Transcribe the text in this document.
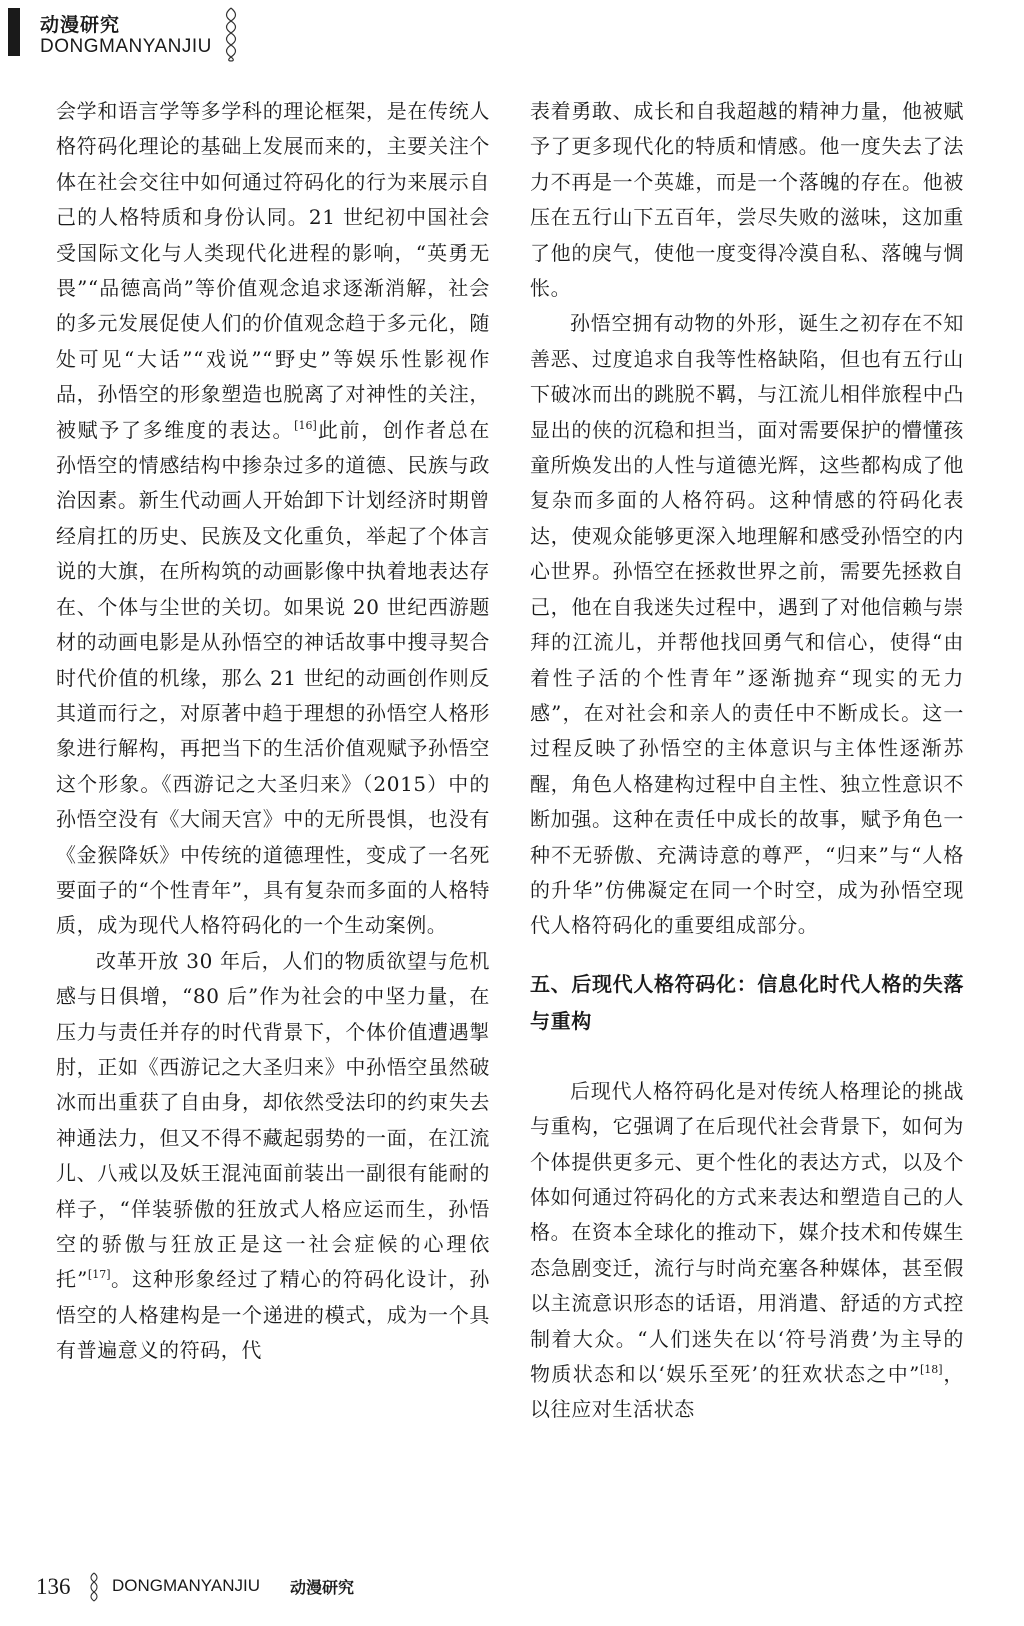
动漫研究
DONGMANYANJIU

会学和语言学等多学科的理论框架，是在传统人格符码化理论的基础上发展而来的，主要关注个体在社会交往中如何通过符码化的行为来展示自己的人格特质和身份认同。21 世纪初中国社会受国际文化与人类现代化进程的影响，“英勇无畏”“品德高尚”等价值观念追求逐渐消解，社会的多元发展促使人们的价值观念趋于多元化，随处可见“大话”“戏说”“野史”等娱乐性影视作品，孙悟空的形象塑造也脱离了对神性的关注，被赋予了多维度的表达。[16]此前，创作者总在孙悟空的情感结构中掺杂过多的道德、民族与政治因素。新生代动画人开始卸下计划经济时期曾经肩扛的历史、民族及文化重负，举起了个体言说的大旗，在所构筑的动画影像中执着地表达存在、个体与尘世的关切。如果说 20 世纪西游题材的动画电影是从孙悟空的神话故事中搜寻契合时代价值的机缘，那么 21 世纪的动画创作则反其道而行之，对原著中趋于理想的孙悟空人格形象进行解构，再把当下的生活价值观赋予孙悟空这个形象。《西游记之大圣归来》（2015）中的孙悟空没有《大闹天宫》中的无所畏惧，也没有《金猴降妖》中传统的道德理性，变成了一名死要面子的“个性青年”，具有复杂而多面的人格特质，成为现代人格符码化的一个生动案例。

改革开放 30 年后，人们的物质欲望与危机感与日俱增，“80 后”作为社会的中坚力量，在压力与责任并存的时代背景下，个体价值遭遇掣肘，正如《西游记之大圣归来》中孙悟空虽然破冰而出重获了自由身，却依然受法印的约束失去神通法力，但又不得不藏起弱势的一面，在江流儿、八戒以及妖王混沌面前装出一副很有能耐的样子，“佯装骄傲的狂放式人格应运而生，孙悟空的骄傲与狂放正是这一社会症候的心理依托”[17]。这种形象经过了精心的符码化设计，孙悟空的人格建构是一个递进的模式，成为一个具有普遍意义的符码，代

表着勇敢、成长和自我超越的精神力量，他被赋予了更多现代化的特质和情感。他一度失去了法力不再是一个英雄，而是一个落魄的存在。他被压在五行山下五百年，尝尽失败的滋味，这加重了他的戾气，使他一度变得冷漠自私、落魄与惆怅。

孙悟空拥有动物的外形，诞生之初存在不知善恶、过度追求自我等性格缺陷，但也有五行山下破冰而出的跳脱不羁，与江流儿相伴旅程中凸显出的侠的沉稳和担当，面对需要保护的懵懂孩童所焕发出的人性与道德光辉，这些都构成了他复杂而多面的人格符码。这种情感的符码化表达，使观众能够更深入地理解和感受孙悟空的内心世界。孙悟空在拯救世界之前，需要先拯救自己，他在自我迷失过程中，遇到了对他信赖与崇拜的江流儿，并帮他找回勇气和信心，使得“由着性子活的个性青年”逐渐抛弃“现实的无力感”，在对社会和亲人的责任中不断成长。这一过程反映了孙悟空的主体意识与主体性逐渐苏醒，角色人格建构过程中自主性、独立性意识不断加强。这种在责任中成长的故事，赋予角色一种不无骄傲、充满诗意的尊严，“归来”与“人格的升华”仿佛凝定在同一个时空，成为孙悟空现代人格符码化的重要组成部分。

五、后现代人格符码化：信息化时代人格的失落与重构

后现代人格符码化是对传统人格理论的挑战与重构，它强调了在后现代社会背景下，如何为个体提供更多元、更个性化的表达方式，以及个体如何通过符码化的方式来表达和塑造自己的人格。在资本全球化的推动下，媒介技术和传媒生态急剧变迁，流行与时尚充塞各种媒体，甚至假以主流意识形态的话语，用消遣、舒适的方式控制着大众。“人们迷失在以‘符号消费’为主导的物质状态和以‘娱乐至死’的狂欢状态之中”[18]，以往应对生活状态

136 DONGMANYANJIU 动漫研究
